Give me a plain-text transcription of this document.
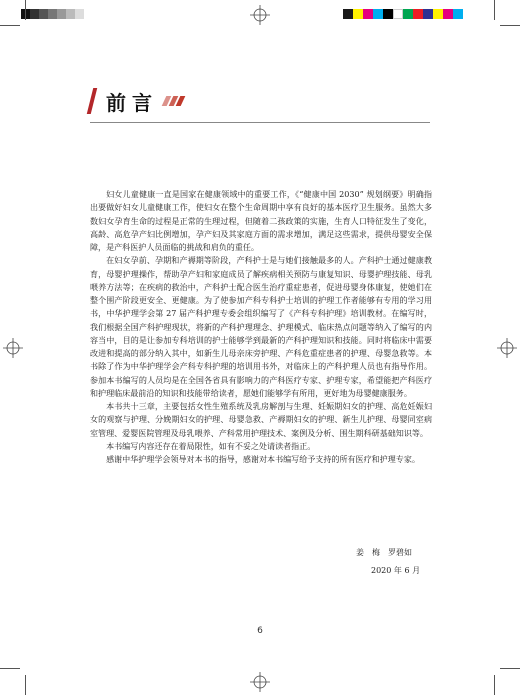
前言

妇女儿童健康一直是国家在健康领域中的重要工作，《“健康中国 2030” 规划纲要》明确指出要做好妇女儿童健康工作，使妇女在整个生命周期中享有良好的基本医疗卫生服务。虽然大多数妇女孕育生命的过程是正常的生理过程，但随着二孩政策的实施，生育人口特征发生了变化，高龄、高危孕产妇比例增加，孕产妇及其家庭方面的需求增加，满足这些需求，提供母婴安全保障，是产科医护人员面临的挑战和肩负的重任。

在妇女孕前、孕期和产褥期等阶段，产科护士是与她们接触最多的人。产科护士通过健康教育，母婴护理操作，帮助孕产妇和家庭成员了解疾病相关预防与康复知识、母婴护理技能、母乳喂养方法等；在疾病的救治中，产科护士配合医生治疗重症患者，促进母婴身体康复，使她们在整个围产阶段更安全、更健康。为了使参加产科专科护士培训的护理工作者能够有专用的学习用书，中华护理学会第 27 届产科护理专委会组织编写了《产科专科护理》培训教材。在编写时，我们根据全国产科护理现状，将新的产科护理理念、护理模式、临床热点问题等纳入了编写的内容当中，目的是让参加专科培训的护士能够学到最新的产科护理知识和技能。同时将临床中需要改进和提高的部分纳入其中，如新生儿母亲床旁护理、产科危重症患者的护理、母婴急救等。本书除了作为中华护理学会产科专科护理的培训用书外，对临床上的产科护理人员也有指导作用。参加本书编写的人员均是在全国各省具有影响力的产科医疗专家、护理专家，希望能把产科医疗和护理临床最前沿的知识和技能带给读者，愿她们能够学有所用，更好地为母婴健康服务。

本书共十三章，主要包括女性生殖系统及乳房解剖与生理、妊娠期妇女的护理、高危妊娠妇女的观察与护理、分娩期妇女的护理、母婴急救、产褥期妇女的护理、新生儿护理、母婴同室病室管理、爱婴医院管理及母乳喂养、产科常用护理技术、案例及分析、围生期科研基础知识等。

本书编写内容还存在着局限性，如有不妥之处请读者指正。

感谢中华护理学会领导对本书的指导，感谢对本书编写给予支持的所有医疗和护理专家。

姜　梅　罗碧如
2020 年 6 月
6
